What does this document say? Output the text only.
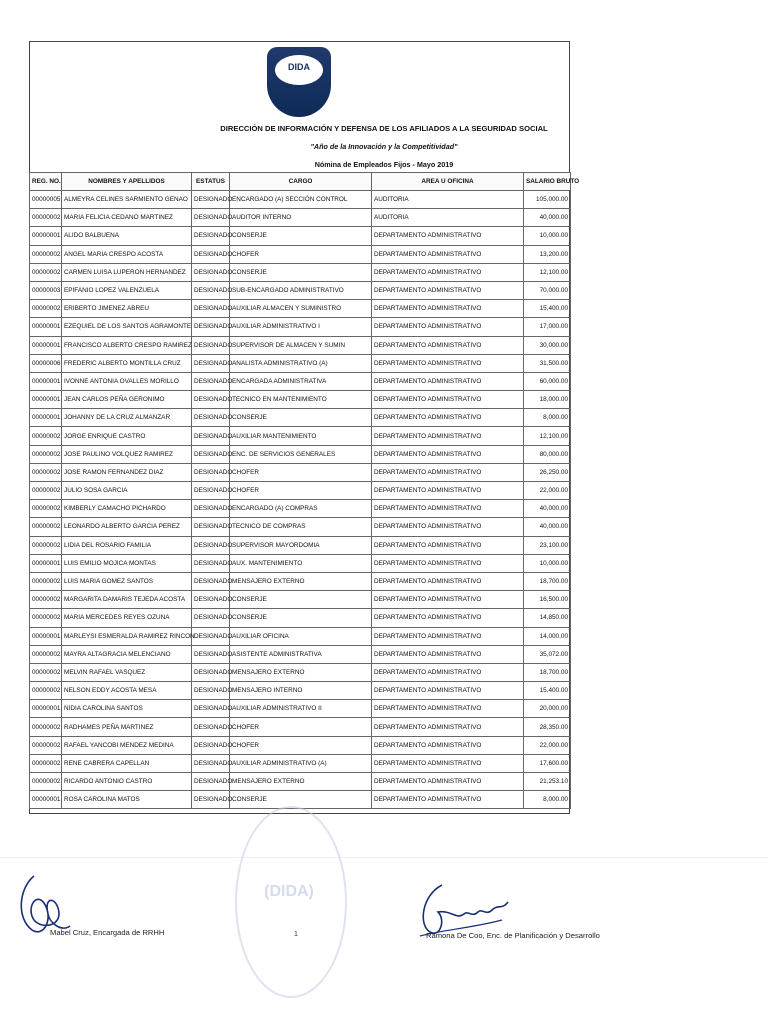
DIDA
DIRECCIÓN DE INFORMACIÓN Y DEFENSA DE LOS AFILIADOS A LA SEGURIDAD SOCIAL
"Año de la Innovación y la Competitividad"
Nómina de Empleados Fijos - Mayo 2019
REG. NO.	NOMBRES Y APELLIDOS	ESTATUS	CARGO	AREA U OFICINA	SALARIO BRUTO
00000005	ALMEYRA CELINES SARMIENTO GENAO	DESIGNADO	ENCARGADO (A) SECCIÓN CONTROL	AUDITORIA	105,000.00
00000002	MARIA FELICIA CEDANO MARTINEZ	DESIGNADO	AUDITOR INTERNO	AUDITORIA	40,000.00
00000001	ALIDO BALBUENA	DESIGNADO	CONSERJE	DEPARTAMENTO ADMINISTRATIVO	10,000.00
00000002	ANGEL MARIA CRESPO ACOSTA	DESIGNADO	CHOFER	DEPARTAMENTO ADMINISTRATIVO	13,200.00
00000002	CARMEN LUISA LUPERON HERNANDEZ	DESIGNADO	CONSERJE	DEPARTAMENTO ADMINISTRATIVO	12,100.00
00000003	EPIFANIO LOPEZ VALENZUELA	DESIGNADO	SUB-ENCARGADO ADMINISTRATIVO	DEPARTAMENTO ADMINISTRATIVO	70,000.00
00000002	ERIBERTO JIMENEZ ABREU	DESIGNADO	AUXILIAR ALMACEN Y SUMINISTRO	DEPARTAMENTO ADMINISTRATIVO	15,400.00
00000001	EZEQUIEL DE LOS SANTOS AGRAMONTE	DESIGNADO	AUXILIAR ADMINISTRATIVO I	DEPARTAMENTO ADMINISTRATIVO	17,000.00
00000001	FRANCISCO ALBERTO CRESPO RAMIREZ	DESIGNADO	SUPERVISOR DE ALMACEN Y SUMIN	DEPARTAMENTO ADMINISTRATIVO	30,000.00
00000006	FREDERIC ALBERTO MONTILLA CRUZ	DESIGNADO	ANALISTA ADMINISTRATIVO (A)	DEPARTAMENTO ADMINISTRATIVO	31,500.00
00000001	IVONNE ANTONIA OVALLES MORILLO	DESIGNADO	ENCARGADA ADMINISTRATIVA	DEPARTAMENTO ADMINISTRATIVO	60,000.00
00000001	JEAN CARLOS PEÑA GERONIMO	DESIGNADO	TECNICO EN MANTENIMIENTO	DEPARTAMENTO ADMINISTRATIVO	18,000.00
00000001	JOHANNY DE LA CRUZ ALMANZAR	DESIGNADO	CONSERJE	DEPARTAMENTO ADMINISTRATIVO	8,000.00
00000002	JORGE ENRIQUE CASTRO	DESIGNADO	AUXILIAR MANTENIMIENTO	DEPARTAMENTO ADMINISTRATIVO	12,100.00
00000002	JOSE PAULINO VOLQUEZ RAMIREZ	DESIGNADO	ENC. DE SERVICIOS GENERALES	DEPARTAMENTO ADMINISTRATIVO	80,000.00
00000002	JOSE RAMON FERNANDEZ DIAZ	DESIGNADO	CHOFER	DEPARTAMENTO ADMINISTRATIVO	26,250.00
00000002	JULIO SOSA GARCIA	DESIGNADO	CHOFER	DEPARTAMENTO ADMINISTRATIVO	22,000.00
00000002	KIMBERLY CAMACHO PICHARDO	DESIGNADO	ENCARGADO (A) COMPRAS	DEPARTAMENTO ADMINISTRATIVO	40,000.00
00000002	LEONARDO ALBERTO GARCIA PEREZ	DESIGNADO	TECNICO DE COMPRAS	DEPARTAMENTO ADMINISTRATIVO	40,000.00
00000002	LIDIA DEL ROSARIO FAMILIA	DESIGNADO	SUPERVISOR MAYORDOMIA	DEPARTAMENTO ADMINISTRATIVO	23,100.00
00000001	LUIS EMILIO MOJICA MONTAS	DESIGNADO	AUX. MANTENIMIENTO	DEPARTAMENTO ADMINISTRATIVO	10,000.00
00000002	LUIS MARIA GOMEZ SANTOS	DESIGNADO	MENSAJERO EXTERNO	DEPARTAMENTO ADMINISTRATIVO	18,700.00
00000002	MARGARITA DAMARIS TEJEDA ACOSTA	DESIGNADO	CONSERJE	DEPARTAMENTO ADMINISTRATIVO	16,500.00
00000002	MARIA MERCEDES REYES OZUNA	DESIGNADO	CONSERJE	DEPARTAMENTO ADMINISTRATIVO	14,850.00
00000001	MARLEYSI ESMERALDA RAMIREZ RINCON	DESIGNADO	AUXILIAR OFICINA	DEPARTAMENTO ADMINISTRATIVO	14,000.00
00000002	MAYRA ALTAGRACIA MELENCIANO	DESIGNADO	ASISTENTE ADMINISTRATIVA	DEPARTAMENTO ADMINISTRATIVO	35,072.00
00000002	MELVIN RAFAEL VASQUEZ	DESIGNADO	MENSAJERO EXTERNO	DEPARTAMENTO ADMINISTRATIVO	18,700.00
00000002	NELSON EDDY ACOSTA MESA	DESIGNADO	MENSAJERO INTERNO	DEPARTAMENTO ADMINISTRATIVO	15,400.00
00000001	NIDIA CAROLINA SANTOS	DESIGNADO	AUXILIAR ADMINISTRATIVO II	DEPARTAMENTO ADMINISTRATIVO	20,000.00
00000002	RADHAMES PEÑA MARTINEZ	DESIGNADO	CHOFER	DEPARTAMENTO ADMINISTRATIVO	28,350.00
00000002	RAFAEL YANCOBI MENDEZ MEDINA	DESIGNADO	CHOFER	DEPARTAMENTO ADMINISTRATIVO	22,000.00
00000002	RENE CABRERA CAPELLAN	DESIGNADO	AUXILIAR ADMINISTRATIVO (A)	DEPARTAMENTO ADMINISTRATIVO	17,600.00
00000002	RICARDO ANTONIO CASTRO	DESIGNADO	MENSAJERO EXTERNO	DEPARTAMENTO ADMINISTRATIVO	21,253.10
00000001	ROSA CAROLINA MATOS	DESIGNADO	CONSERJE	DEPARTAMENTO ADMINISTRATIVO	8,000.00
(DIDA)
Mabel Cruz, Encargada de RRHH	1	Ramona De Coo, Enc. de Planificación y Desarrollo
